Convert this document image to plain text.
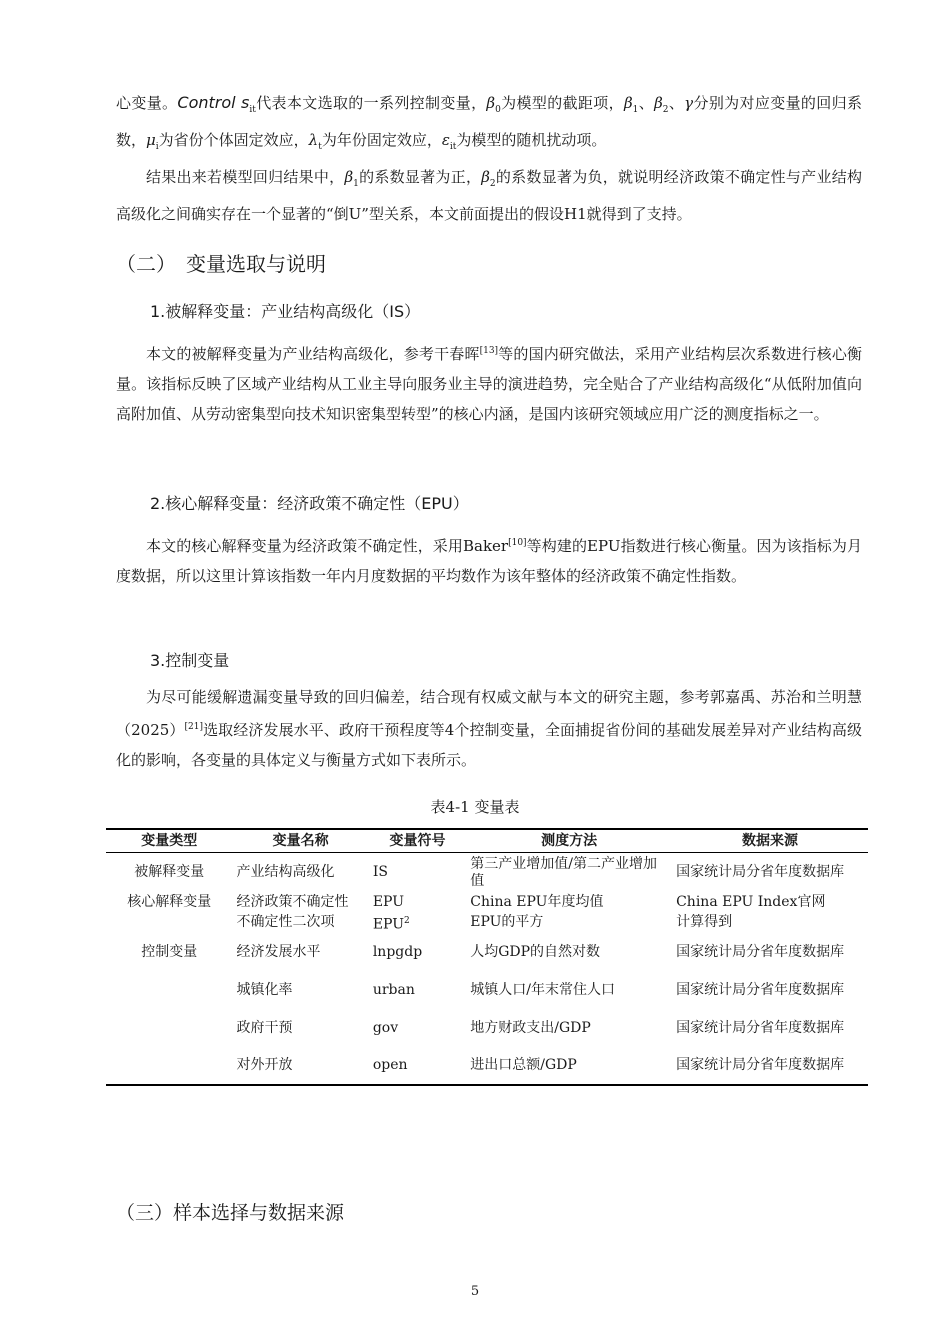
心变量。Control $s_{it}$代表本文选取的一系列控制变量，$\beta_0$为模型的截距项，$\beta_1$、$\beta_2$、γ分别为对应变量的回归系数，$\mu_i$为省份个体固定效应，$\lambda_t$为年份固定效应，$\varepsilon_{it}$为模型的随机扰动项。

结果出来若模型回归结果中，$\beta_1$的系数显著为正，$\beta_2$的系数显著为负，就说明经济政策不确定性与产业结构高级化之间确实存在一个显著的“倒U”型关系，本文前面提出的假设H1就得到了支持。

（二）　变量选取与说明
1.被解释变量：产业结构高级化（IS）

本文的被解释变量为产业结构高级化，参考干春晖[13]等的国内研究做法，采用产业结构层次系数进行核心衡量。该指标反映了区域产业结构从工业主导向服务业主导的演进趋势，完全贴合了产业结构高级化“从低附加值向高附加值、从劳动密集型向技术知识密集型转型”的核心内涵，是国内该研究领域应用广泛的测度指标之一。

2.核心解释变量：经济政策不确定性（EPU）

本文的核心解释变量为经济政策不确定性，采用Baker[10]等构建的EPU指数进行核心衡量。因为该指标为月度数据，所以这里计算该指数一年内月度数据的平均数作为该年整体的经济政策不确定性指数。

3.控制变量

为尽可能缓解遗漏变量导致的回归偏差，结合现有权威文献与本文的研究主题，参考郭嘉禹、苏治和兰明慧（2025）[21]选取经济发展水平、政府干预程度等4个控制变量，全面捕捉省份间的基础发展差异对产业结构高级化的影响，各变量的具体定义与衡量方式如下表所示。

表4-1 变量表
变量类型	变量名称	变量符号	测度方法	数据来源
被解释变量	产业结构高级化	IS	第三产业增加值/第二产业增加值	国家统计局分省年度数据库
核心解释变量	经济政策不确定性	EPU	China EPU年度均值	China EPU Index官网
	不确定性二次项	EPU$^2$	EPU的平方	计算得到
控制变量	经济发展水平	lnpgdp	人均GDP的自然对数	国家统计局分省年度数据库
	城镇化率	urban	城镇人口/年末常住人口	国家统计局分省年度数据库
	政府干预	gov	地方财政支出/GDP	国家统计局分省年度数据库
	对外开放	open	进出口总额/GDP	国家统计局分省年度数据库
（三）样本选择与数据来源
5
